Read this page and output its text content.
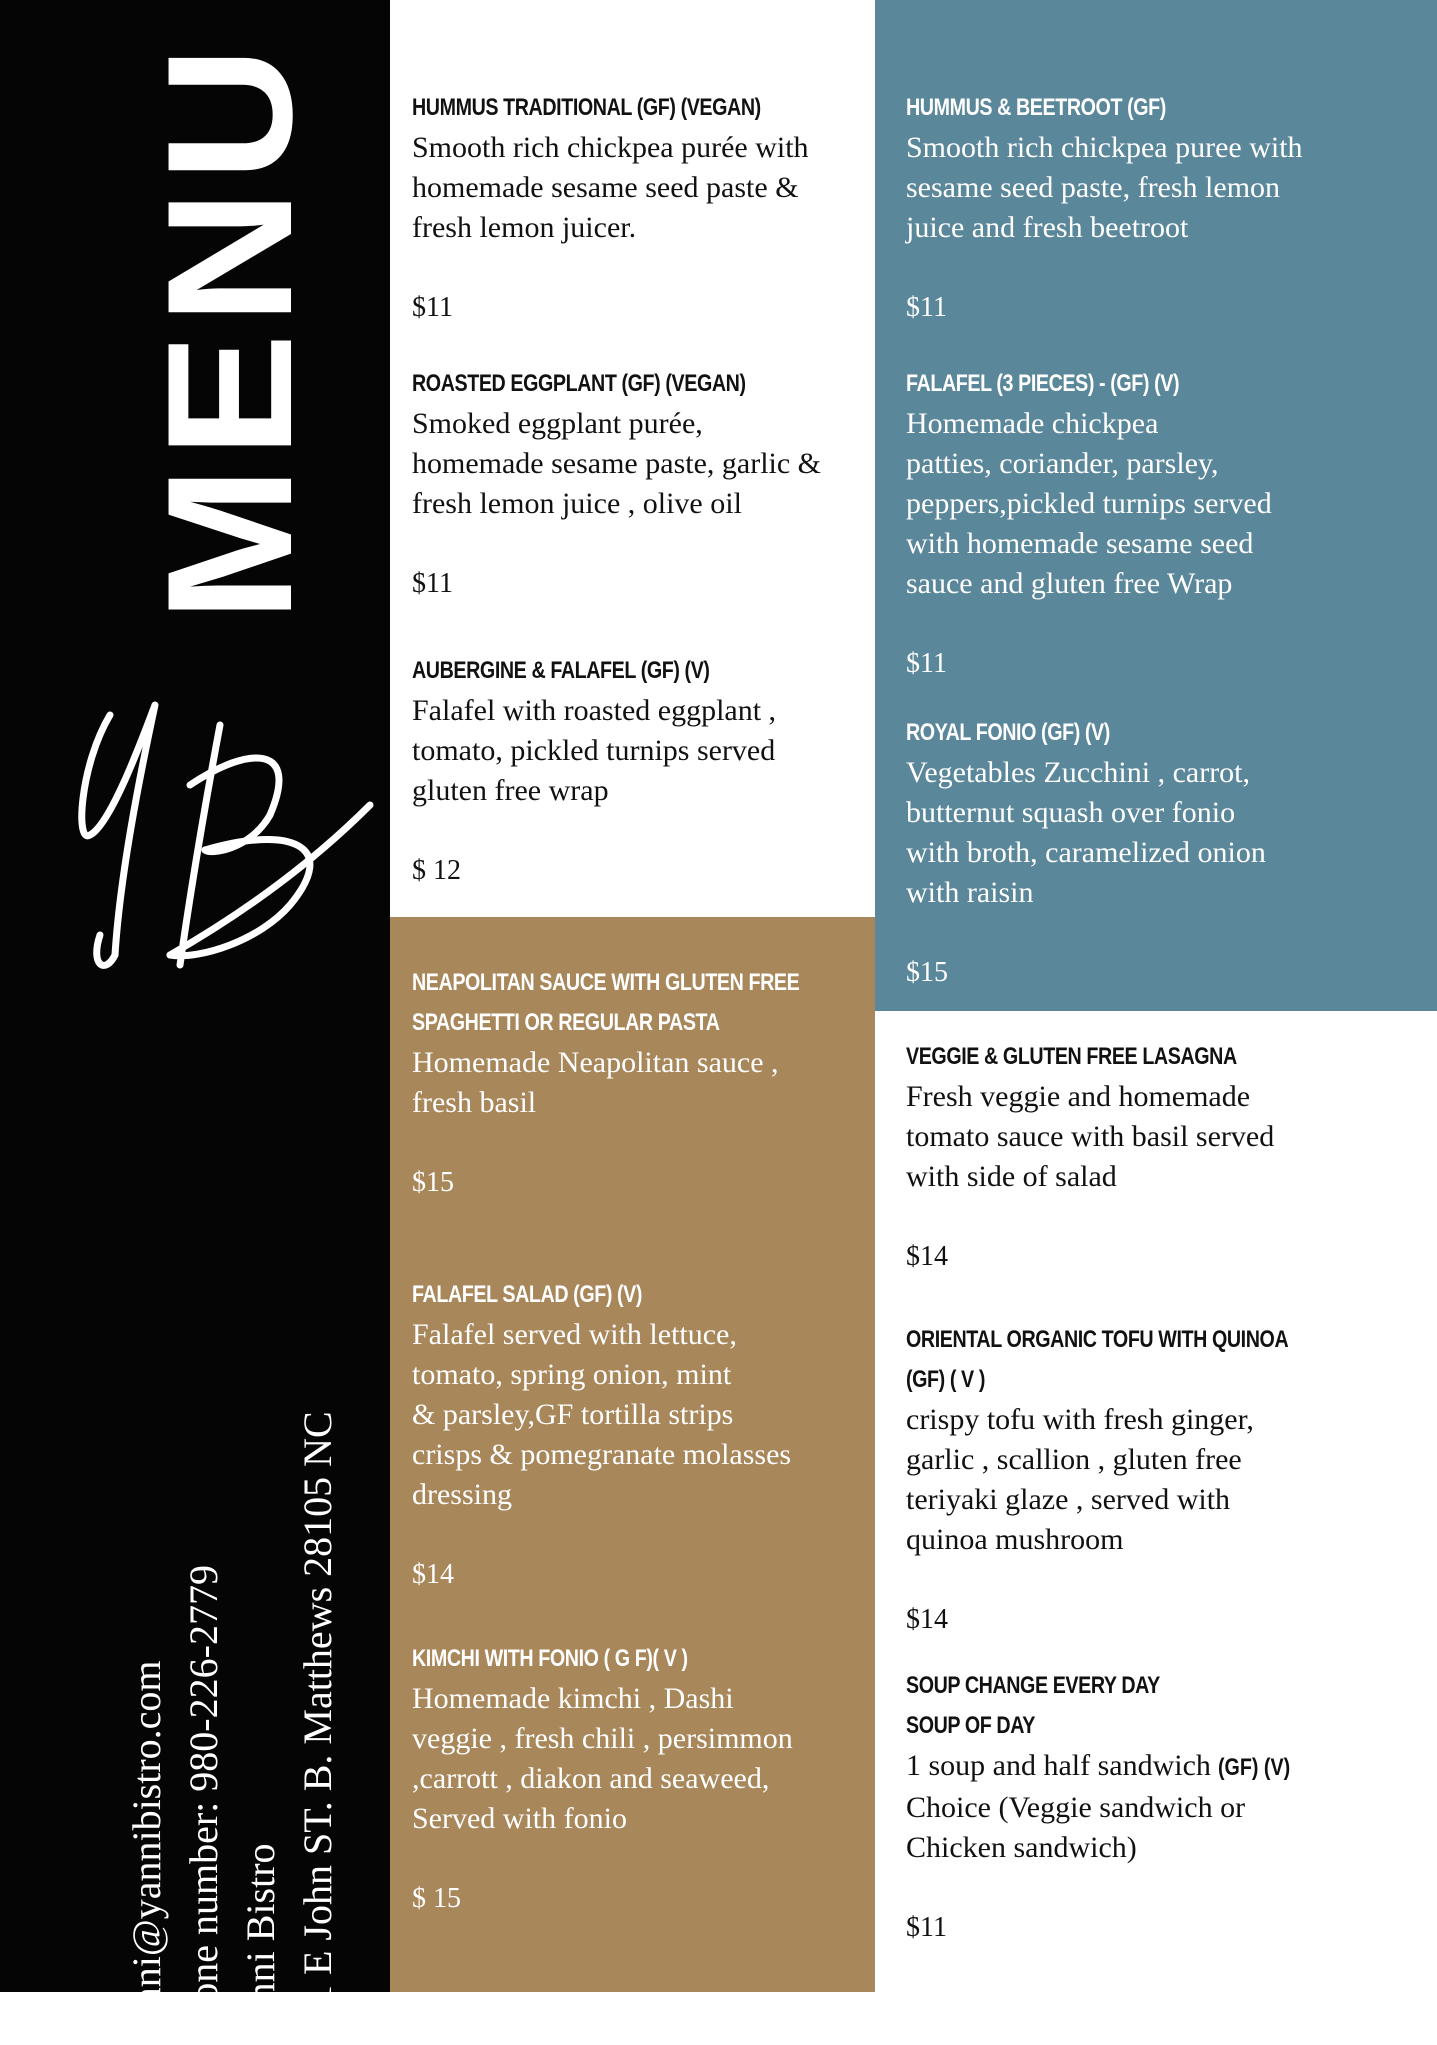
MENU
yanni@yannibistro.com Phone number: 980-226-2779 Yanni Bistro 131 E John ST. B. Matthews 28105 NC
HUMMUS TRADITIONAL (GF) (VEGAN)
Smooth rich chickpea purée with
homemade sesame seed paste &
fresh lemon juicer.
$11
ROASTED EGGPLANT (GF) (VEGAN)
Smoked eggplant purée,
homemade sesame paste, garlic &
fresh lemon juice , olive oil
$11
AUBERGINE & FALAFEL (GF) (V)
Falafel with roasted eggplant ,
tomato, pickled turnips served
gluten free wrap
$ 12
NEAPOLITAN SAUCE WITH GLUTEN FREE
SPAGHETTI OR REGULAR PASTA
Homemade Neapolitan sauce ,
fresh basil
$15
FALAFEL SALAD (GF) (V)
Falafel served with lettuce,
tomato, spring onion, mint
& parsley,GF tortilla strips
crisps & pomegranate molasses
dressing
$14
KIMCHI WITH FONIO ( G F)( V )
Homemade kimchi , Dashi
veggie , fresh chili , persimmon
,carrott , diakon and seaweed,
Served with fonio
$ 15
HUMMUS & BEETROOT (GF)
Smooth rich chickpea puree with
sesame seed paste, fresh lemon
juice and fresh beetroot
$11
FALAFEL (3 PIECES) - (GF) (V)
Homemade chickpea
patties, coriander, parsley,
peppers,pickled turnips served
with homemade sesame seed
sauce and gluten free Wrap
$11
ROYAL FONIO (GF) (V)
Vegetables Zucchini , carrot,
butternut squash over fonio
with broth, caramelized onion
with raisin
$15
VEGGIE & GLUTEN FREE LASAGNA
Fresh veggie and homemade
tomato sauce with basil served
with side of salad
$14
ORIENTAL ORGANIC TOFU WITH QUINOA
(GF) ( V )
crispy tofu with fresh ginger,
garlic , scallion , gluten free
teriyaki glaze , served with
quinoa mushroom
$14
SOUP CHANGE EVERY DAY
SOUP OF DAY
1 soup and half sandwich (GF) (V)
Choice (Veggie sandwich or
Chicken sandwich)
$11
